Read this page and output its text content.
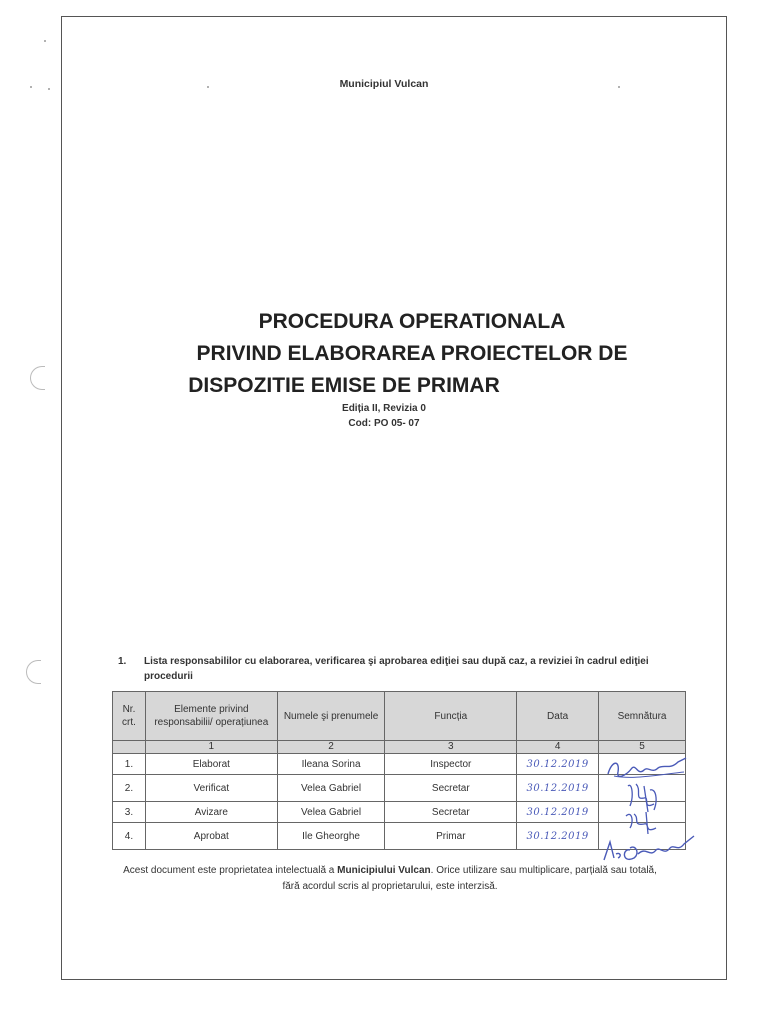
Municipiul Vulcan
PROCEDURA OPERATIONALA
PRIVIND ELABORAREA PROIECTELOR DE
DISPOZITIE EMISE DE PRIMAR
Ediția II, Revizia 0
Cod: PO 05- 07
1. Lista responsabililor cu elaborarea, verificarea şi aprobarea ediţiei sau după caz, a reviziei în cadrul ediţiei procedurii
Nr. crt.	Elemente privind responsabilii/ operațiunea	Numele şi prenumele	Funcția	Data	Semnătura
	1	2	3	4	5
1.	Elaborat	Ileana Sorina	Inspector	30.12.2019	
2.	Verificat	Velea Gabriel	Secretar	30.12.2019	
3.	Avizare	Velea Gabriel	Secretar	30.12.2019	
4.	Aprobat	Ile Gheorghe	Primar	30.12.2019	
Acest document este proprietatea intelectuală a Municipiului Vulcan. Orice utilizare sau multiplicare, parțială sau totală, fără acordul scris al proprietarului, este interzisă.
